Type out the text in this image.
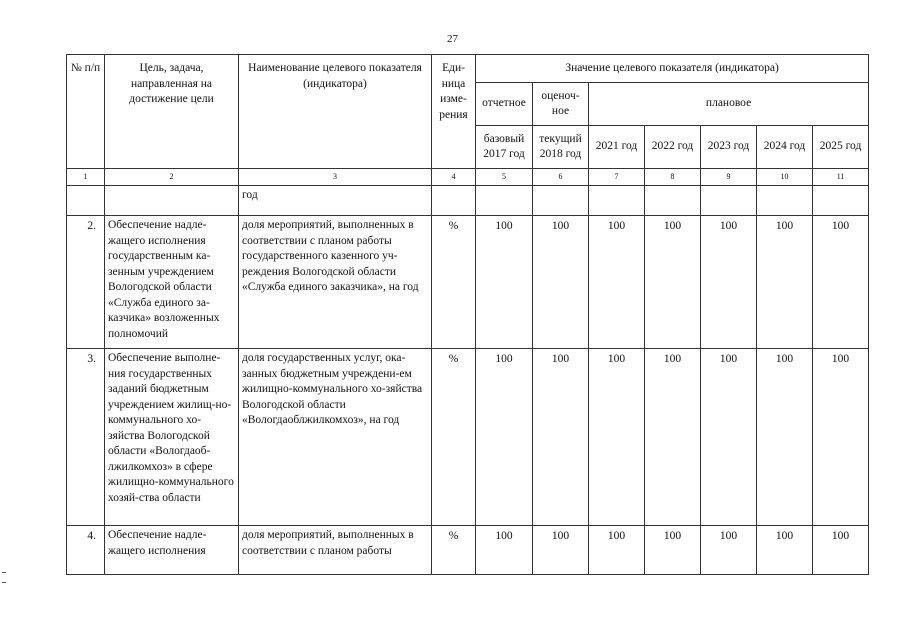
27
№ п/п	Цель, задача, направленная на достижение цели	Наименование целевого показателя (индикатора)	Еди-ница изме-рения	Значение целевого показателя (индикатора)						
				отчетное	оценоч-ное	плановое				
				базовый 2017 год	текущий 2018 год	2021 год	2022 год	2023 год	2024 год	2025 год
1	2	3	4	5	6	7	8	9	10	11
		год								
2.	Обеспечение надле-жащего исполнения государственным ка-зенным учреждением Вологодской области «Служба единого за-казчика» возложенных полномочий	доля мероприятий, выполненных в соответствии с планом работы государственного казенного уч-реждения Вологодской области «Служба единого заказчика», на год	%	100	100	100	100	100	100	100
3.	Обеспечение выполне-ния государственных заданий бюджетным учреждением жилищ-но-коммунального хо-зяйства Вологодской области «Вологдаоб-лжилкомхоз» в сфере жилищно-коммунального хозяй-ства области	доля государственных услуг, ока-занных бюджетным учреждени-ем жилищно-коммунального хо-зяйства Вологодской области «Вологдаоблжилкомхоз», на год	%	100	100	100	100	100	100	100
4.	Обеспечение надле-жащего исполнения	доля мероприятий, выполненных в соответствии с планом работы	%	100	100	100	100	100	100	100
